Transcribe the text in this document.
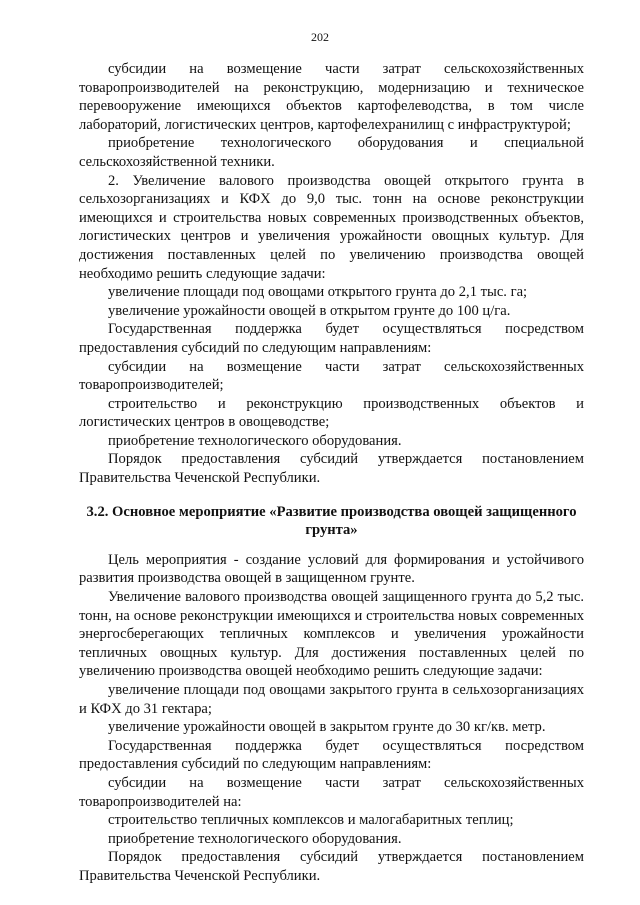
202

субсидии на возмещение части затрат сельскохозяйственных товаропроизводителей на реконструкцию, модернизацию и техническое перевооружение имеющихся объектов картофелеводства, в том числе лабораторий, логистических центров, картофелехранилищ с инфраструктурой;

приобретение технологического оборудования и специальной сельскохозяйственной техники.

2. Увеличение валового производства овощей открытого грунта в сельхозорганизациях и КФХ до 9,0 тыс. тонн на основе реконструкции имеющихся и строительства новых современных производственных объектов, логистических центров и увеличения урожайности овощных культур. Для достижения поставленных целей по увеличению производства овощей необходимо решить следующие задачи:

увеличение площади под овощами открытого грунта до 2,1 тыс. га;

увеличение урожайности овощей в открытом грунте до 100 ц/га.

Государственная поддержка будет осуществляться посредством предоставления субсидий по следующим направлениям:

субсидии на возмещение части затрат сельскохозяйственных товаропроизводителей;

строительство и реконструкцию производственных объектов и логистических центров в овощеводстве;

приобретение технологического оборудования.

Порядок предоставления субсидий утверждается постановлением Правительства Чеченской Республики.

3.2. Основное мероприятие «Развитие производства овощей защищенного грунта»

Цель мероприятия - создание условий для формирования и устойчивого развития производства овощей в защищенном грунте.

Увеличение валового производства овощей защищенного грунта до 5,2 тыс. тонн, на основе реконструкции имеющихся и строительства новых современных энергосберегающих тепличных комплексов и увеличения урожайности тепличных овощных культур. Для достижения поставленных целей по увеличению производства овощей необходимо решить следующие задачи:

увеличение площади под овощами закрытого грунта в сельхозорганизациях и КФХ до 31 гектара;

увеличение урожайности овощей в закрытом грунте до 30 кг/кв. метр.

Государственная поддержка будет осуществляться посредством предоставления субсидий по следующим направлениям:

субсидии на возмещение части затрат сельскохозяйственных товаропроизводителей на:

строительство тепличных комплексов и малогабаритных теплиц;

приобретение технологического оборудования.

Порядок предоставления субсидий утверждается постановлением Правительства Чеченской Республики.
